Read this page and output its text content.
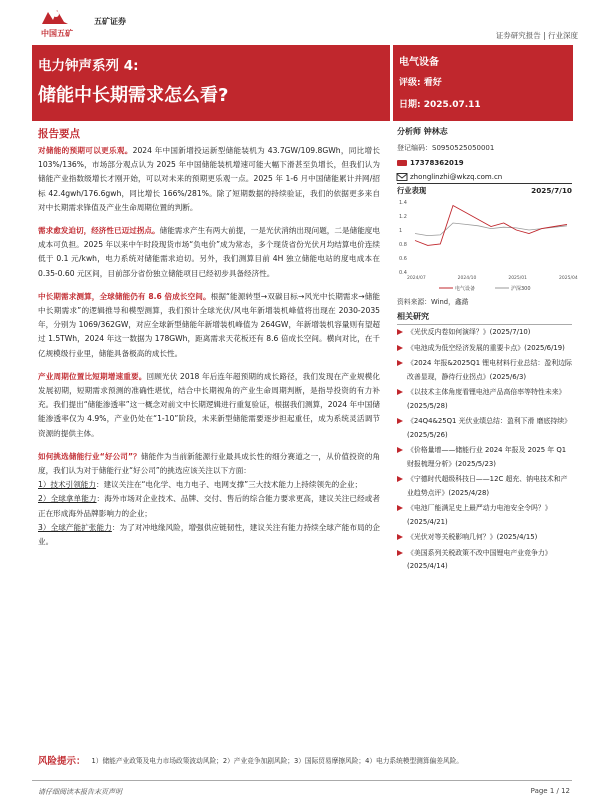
中国五矿
五矿证券
证券研究报告 | 行业深度
电力钟声系列 4:
储能中长期需求怎么看?
电气设备
评级: 看好
日期: 2025.07.11
报告要点

对储能的预期可以更乐观。2024 年中国新增投运新型储能装机为 43.7GW/109.8GWh，同比增长 103%/136%，市场部分观点认为 2025 年中国储能装机增速可能大幅下滑甚至负增长，但我们认为储能产业指数级增长才刚开始，可以对未来的预期更乐观一点。2025 年 1-6 月中国储能累计并网/招标 42.4gwh/176.6gwh，同比增长 166%/281%。除了短期数据的持续验证，我们的依据更多来自对中长期需求锋值及产业生命周期位置的判断。

需求愈发迫切，经济性已迈过拐点。储能需求产生有两大前提，一是光伏消纳出现问题，二是储能度电成本可负担。2025 年以来中午时段现货市场“负电价”成为常态，多个现货省份光伏月均结算电价连续低于 0.1 元/kwh，电力系统对储能需求迫切。另外，我们测算目前 4H 独立储能电站的度电成本在 0.35-0.60 元区间，目前部分省份独立储能项目已经初步具备经济性。

中长期需求测算，全球储能仍有 8.6 倍成长空间。根据“能源转型→双碳目标→风光中长期需求→储能中长期需求”的逻辑推导和模型测算，我们预计全球光伏/风电年新增装机峰值将出现在 2030-2035 年，分别为 1069/362GW，对应全球新型储能年新增装机峰值为 264GW，年新增装机容量则有望超过 1.5TWh，2024 年这一数据为 178GWh，距离需求天花板还有 8.6 倍成长空间。横向对比，在千亿规模级行业里，储能具备极高的成长性。

产业周期位置比短期增速重要。回顾光伏 2018 年后连年超预期的成长路径，我们发现在产业规模化发展初期，短期需求预测的准确性堪忧，结合中长期视角的产业生命周期判断，是指导投资的有力补充。我们提出“储能渗透率”这一概念对前文中长期逻辑进行重复验证，根据我们测算，2024 年中国储能渗透率仅为 4.9%，产业仍处在“1-10”阶段，未来新型储能需要逐步担起重任，成为系统灵活调节资源的提供主体。

如何挑选储能行业“好公司”？储能作为当前新能源行业最具成长性的细分赛道之一，从价值投资的角度，我们认为对于储能行业“好公司”的挑选应该关注以下方面：
1）技术引领能力：建议关注在“电化学、电力电子、电网支撑”三大技术能力上持续领先的企业；
2）全球拿单能力：海外市场对企业技术、品牌、交付、售后的综合能力要求更高，建议关注已经或者正在形成海外品牌影响力的企业；
3）全球产能扩张能力：为了对冲地缘风险，增强供应链韧性，建议关注有能力持续全球产能布局的企业。

分析师 钟林志
登记编码：S0950525050001
17378362019
zhonglinzhi@wkzq.com.cn
行业表现	2025/7/10
1.4
1.2
1
0.8
0.6
0.4
2024/07	2024/10	2025/01	2025/04
电气设备	沪深300
资料来源：Wind，鑫澔
相关研究
《光伏反内卷如何演绎？》(2025/7/10)
《电池成为低空经济发展的重要卡点》(2025/6/19)
《2024 年报&2025Q1 锂电材料行业总结：盈利边际改善显现，静待行业拐点》(2025/6/3)
《以技术主体角度看锂电池产品高倍率等特性未来》(2025/5/28)
《24Q4&25Q1 光伏业绩总结：盈利下滑 磨底持续》(2025/5/26)
《价格量增——储能行业 2024 年报及 2025 年 Q1 财报梳理分析》(2025/5/23)
《宁德时代超级科技日——12C 超充、钠电技术和产业趋势点评》(2025/4/28)
《电池厂能满足史上最严动力电池安全令吗？》(2025/4/21)
《光伏对等关税影响几何？》(2025/4/15)
《美国系列关税政策不改中国锂电产业竞争力》(2025/4/14)
风险提示： 1）储能产业政策及电力市场政策波动风险；2）产业竞争加剧风险；3）国际贸易摩擦风险；4）电力系统模型测算偏差风险。
请仔细阅读本报告末页声明	Page 1 / 12
